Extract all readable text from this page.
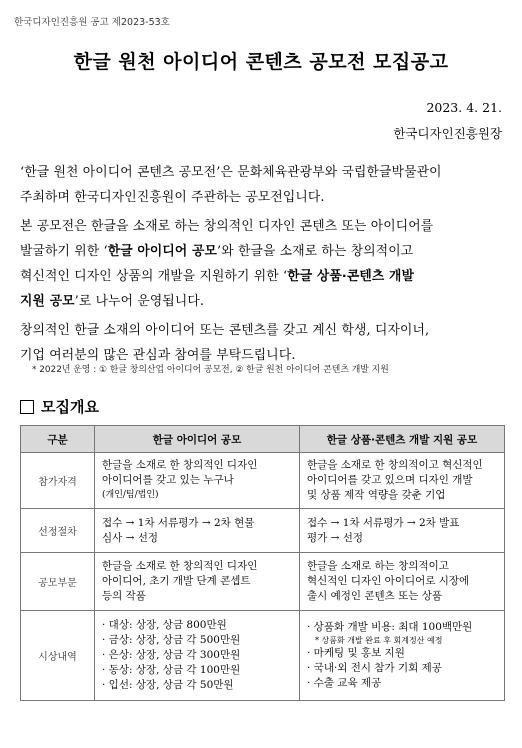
한국디자인진흥원 공고 제2023-53호
한글 원천 아이디어 콘텐츠 공모전 모집공고
2023. 4. 21.
한국디자인진흥원장
‘한글 원천 아이디어 콘텐츠 공모전’은 문화체육관광부와 국립한글박물관이
주최하며 한국디자인진흥원이 주관하는 공모전입니다.
본 공모전은 한글을 소재로 하는 창의적인 디자인 콘텐츠 또는 아이디어를
발굴하기 위한 ‘한글 아이디어 공모’와 한글을 소재로 하는 창의적이고
혁신적인 디자인 상품의 개발을 지원하기 위한 ‘한글 상품·콘텐츠 개발
지원 공모’로 나누어 운영됩니다.
창의적인 한글 소재의 아이디어 또는 콘텐츠를 갖고 계신 학생, 디자이너,
기업 여러분의 많은 관심과 참여를 부탁드립니다.
* 2022년 운영 : ① 한글 창의산업 아이디어 공모전, ② 한글 원천 아이디어 콘텐츠 개발 지원
모집개요
구분	한글 아이디어 공모	한글 상품·콘텐츠 개발 지원 공모
참가자격	한글을 소재로 한 창의적인 디자인
아이디어를 갖고 있는 누구나
(개인/팀/법인)	한글을 소재로 한 창의적이고 혁신적인
아이디어를 갖고 있으며 디자인 개발
및 상품 제작 역량을 갖춘 기업

선정절차	접수 → 1차 서류평가 → 2차 현물
심사 → 선정	접수 → 1차 서류평가 → 2차 발표
평가 → 선정

공모부문	한글을 소재로 한 창의적인 디자인
아이디어, 초기 개발 단계 콘셉트
등의 작품	한글을 소재로 하는 창의적이고
혁신적인 디자인 아이디어로 시장에
출시 예정인 콘텐츠 또는 상품

시상내역	· 대상: 상장, 상금 800만원
· 금상: 상장, 상금 각 500만원
· 은상: 상장, 상금 각 300만원
· 동상: 상장, 상금 각 100만원
· 입선: 상장, 상금 각 50만원	· 상품화 개발 비용: 최대 100백만원
* 상품화 개발 완료 후 회계정산 예정
· 마케팅 및 홍보 지원
· 국내·외 전시 참가 기회 제공
· 수출 교육 제공
